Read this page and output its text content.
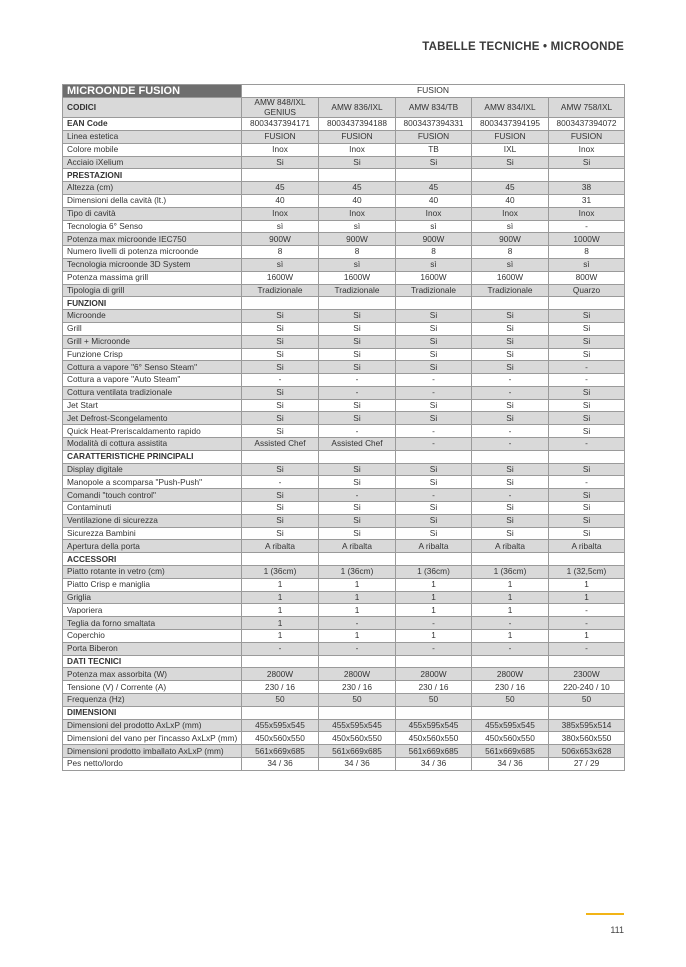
TABELLE TECNICHE • MICROONDE
MICROONDE FUSION	FUSION				
CODICI	AMW 848/IXL GENIUS	AMW 836/IXL	AMW 834/TB	AMW 834/IXL	AMW 758/IXL
EAN Code	8003437394171	8003437394188	8003437394331	8003437394195	8003437394072
Linea estetica	FUSION	FUSION	FUSION	FUSION	FUSION
Colore mobile	Inox	Inox	TB	IXL	Inox
Acciaio iXelium	Si	Si	Si	Si	Si
PRESTAZIONI					
Altezza (cm)	45	45	45	45	38
Dimensioni della cavità (lt.)	40	40	40	40	31
Tipo di cavità	Inox	Inox	Inox	Inox	Inox
Tecnologia 6° Senso	sì	sì	sì	sì	-
Potenza max microonde IEC750	900W	900W	900W	900W	1000W
Numero livelli di potenza microonde	8	8	8	8	8
Tecnologia microonde 3D System	sì	sì	sì	sì	sì
Potenza massima grill	1600W	1600W	1600W	1600W	800W
Tipologia di grill	Tradizionale	Tradizionale	Tradizionale	Tradizionale	Quarzo
FUNZIONI					
Microonde	Si	Si	Si	Si	Si
Grill	Si	Si	Si	Si	Si
Grill + Microonde	Si	Si	Si	Si	Si
Funzione Crisp	Si	Si	Si	Si	Si
Cottura a vapore "6° Senso Steam"	Si	Si	Si	Si	-
Cottura a vapore "Auto Steam"	-	-	-	-	-
Cottura ventilata tradizionale	Si	-	-	-	Si
Jet Start	Si	Si	Si	Si	Si
Jet Defrost-Scongelamento	Si	Si	Si	Si	Si
Quick Heat-Preriscaldamento rapido	Si	-	-	-	Si
Modalità di cottura assistita	Assisted Chef	Assisted Chef	-	-	-
CARATTERISTICHE PRINCIPALI					
Display digitale	Si	Si	Si	Si	Si
Manopole a scomparsa "Push-Push"	-	Si	Si	Si	-
Comandi "touch control"	Si	-	-	-	Si
Contaminuti	Si	Si	Si	Si	Si
Ventilazione di sicurezza	Si	Si	Si	Si	Si
Sicurezza Bambini	Si	Si	Si	Si	Si
Apertura della porta	A ribalta	A ribalta	A ribalta	A ribalta	A ribalta
ACCESSORI					
Piatto rotante in vetro (cm)	1 (36cm)	1 (36cm)	1 (36cm)	1 (36cm)	1 (32,5cm)
Piatto Crisp e maniglia	1	1	1	1	1
Griglia	1	1	1	1	1
Vaporiera	1	1	1	1	-
Teglia da forno smaltata	1	-	-	-	-
Coperchio	1	1	1	1	1
Porta Biberon	-	-	-	-	-
DATI TECNICI					
Potenza max assorbita (W)	2800W	2800W	2800W	2800W	2300W
Tensione (V) / Corrente (A)	230 / 16	230 / 16	230 / 16	230 / 16	220-240 / 10
Frequenza (Hz)	50	50	50	50	50
DIMENSIONI					
Dimensioni del prodotto AxLxP (mm)	455x595x545	455x595x545	455x595x545	455x595x545	385x595x514
Dimensioni del vano per l'incasso AxLxP (mm)	450x560x550	450x560x550	450x560x550	450x560x550	380x560x550
Dimensioni prodotto imballato AxLxP (mm)	561x669x685	561x669x685	561x669x685	561x669x685	506x653x628
Pes netto/lordo	34 / 36	34 / 36	34 / 36	34 / 36	27 / 29
111
